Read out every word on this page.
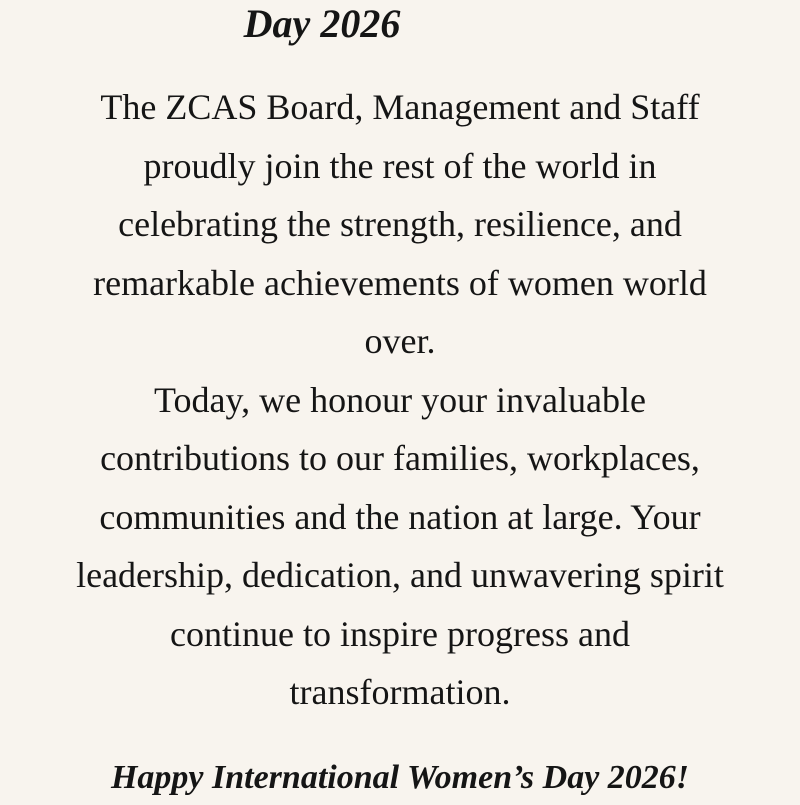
Day 2026
The ZCAS Board, Management and Staff
proudly join the rest of the world in
celebrating the strength, resilience, and
remarkable achievements of women world
over.
Today, we honour your invaluable
contributions to our families, workplaces,
communities and the nation at large. Your
leadership, dedication, and unwavering spirit
continue to inspire progress and
transformation.

Happy International Women’s Day 2026!
